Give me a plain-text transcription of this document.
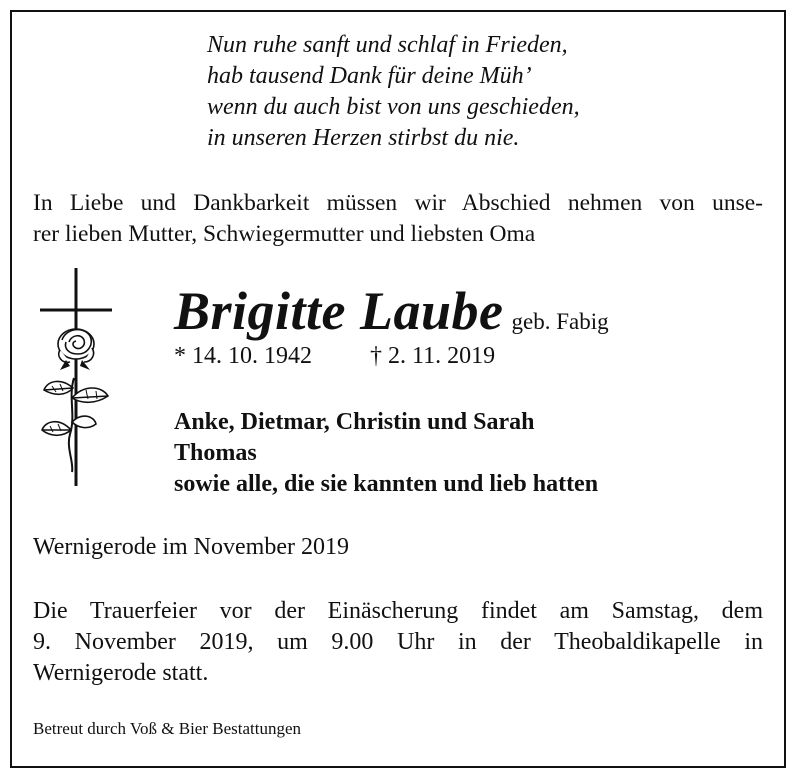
Nun ruhe sanft und schlaf in Frieden,
hab tausend Dank für deine Müh’
wenn du auch bist von uns geschieden,
in unseren Herzen stirbst du nie.
In Liebe und Dankbarkeit müssen wir Abschied nehmen von unse-
rer lieben Mutter, Schwiegermutter und liebsten Oma
Brigitte Laube geb. Fabig
* 14. 10. 1942 † 2. 11. 2019
Anke, Dietmar, Christin und Sarah
Thomas
sowie alle, die sie kannten und lieb hatten
Wernigerode im November 2019
Die Trauerfeier vor der Einäscherung findet am Samstag, dem
9. November 2019, um 9.00 Uhr in der Theobaldikapelle in
Wernigerode statt.
Betreut durch Voß & Bier Bestattungen
